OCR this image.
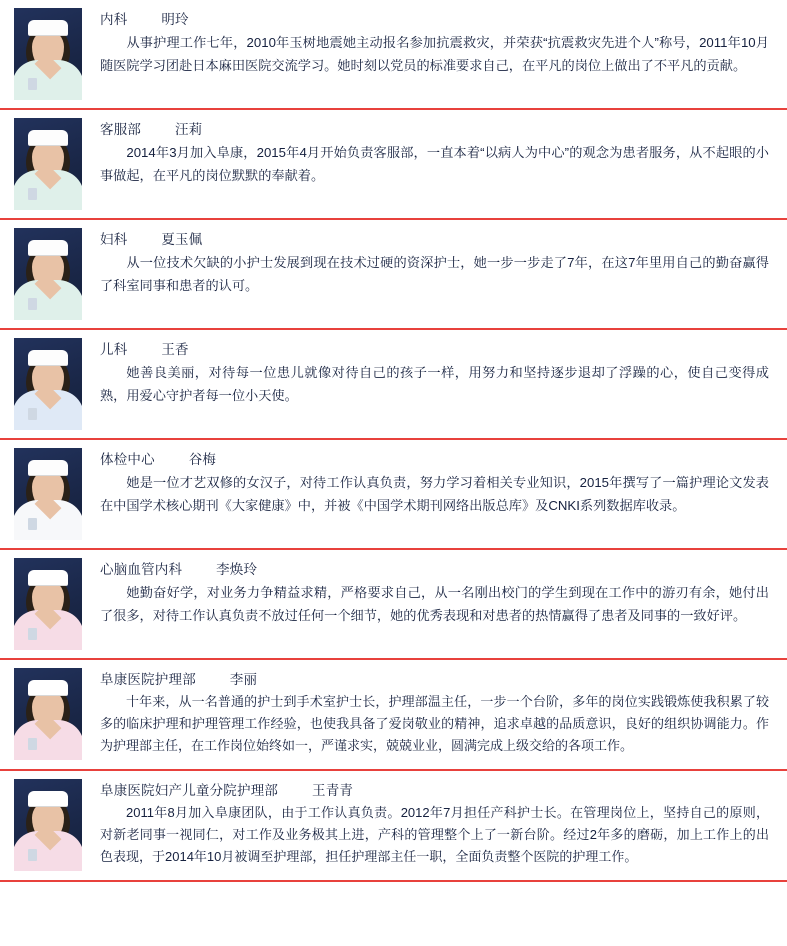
内科	明玲

从事护理工作七年，2010年玉树地震她主动报名参加抗震救灾，并荣获“抗震救灾先进个人”称号，2011年10月随医院学习团赴日本麻田医院交流学习。她时刻以党员的标准要求自己，在平凡的岗位上做出了不平凡的贡献。

客服部	汪莉

2014年3月加入阜康，2015年4月开始负责客服部，一直本着“以病人为中心”的观念为患者服务，从不起眼的小事做起，在平凡的岗位默默的奉献着。

妇科	夏玉佩

从一位技术欠缺的小护士发展到现在技术过硬的资深护士，她一步一步走了7年，在这7年里用自己的勤奋赢得了科室同事和患者的认可。

儿科	王香

她善良美丽，对待每一位患儿就像对待自己的孩子一样，用努力和坚持逐步退却了浮躁的心，使自己变得成熟，用爱心守护者每一位小天使。

体检中心	谷梅

她是一位才艺双修的女汉子，对待工作认真负责，努力学习着相关专业知识，2015年撰写了一篇护理论文发表在中国学术核心期刊《大家健康》中，并被《中国学术期刊网络出版总库》及CNKI系列数据库收录。

心脑血管内科	李焕玲

她勤奋好学，对业务力争精益求精，严格要求自己，从一名刚出校门的学生到现在工作中的游刃有余，她付出了很多，对待工作认真负责不放过任何一个细节，她的优秀表现和对患者的热情赢得了患者及同事的一致好评。

阜康医院护理部	李丽

十年来，从一名普通的护士到手术室护士长，护理部温主任，一步一个台阶，多年的岗位实践锻炼使我积累了较多的临床护理和护理管理工作经验，也使我具备了爱岗敬业的精神，追求卓越的品质意识，良好的组织协调能力。作为护理部主任，在工作岗位始终如一，严谨求实，兢兢业业，圆满完成上级交给的各项工作。

阜康医院妇产儿童分院护理部	王青青

2011年8月加入阜康团队，由于工作认真负责。2012年7月担任产科护士长。在管理岗位上，坚持自己的原则，对新老同事一视同仁，对工作及业务极其上进，产科的管理整个上了一新台阶。经过2年多的磨砺，加上工作上的出色表现，于2014年10月被调至护理部，担任护理部主任一职，全面负责整个医院的护理工作。
